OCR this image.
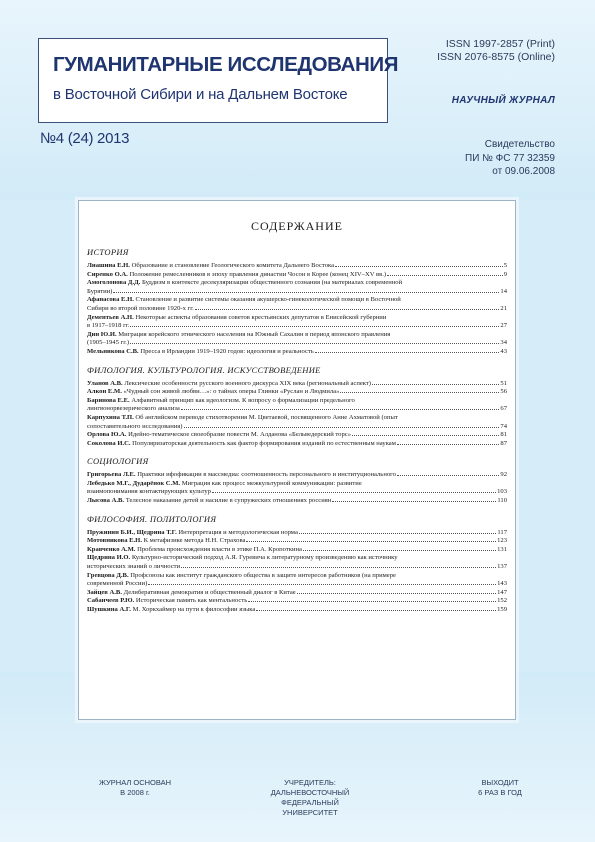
ГУМАНИТАРНЫЕ ИССЛЕДОВАНИЯ
в Восточной Сибири и на Дальнем Востоке
ISSN 1997-2857 (Print)
ISSN 2076-8575 (Online)
НАУЧНЫЙ ЖУРНАЛ
№4 (24) 2013	Свидетельство
ПИ № ФС 77 32359
от 09.06.2008
СОДЕРЖАНИЕ
ИСТОРИЯ
Лиашина Е.Н. Образование и становление Геологического комитета Дальнего Востока	5
Сиренко О.А. Положение ремесленников в эпоху правления династии Чосон в Корее (конец XIV–XV вв.)	9
Амоголонова Д.Д. Буддизм в контексте десекуляризации общественного сознания (на материалах современной
Бурятии)	14
Афанасова Е.Н. Становление и развитие системы оказания акушерско-гинекологической помощи в Восточной
Сибири во второй половине 1920-х гг.	21
Дементьев А.Н. Некоторые аспекты образования советов крестьянских депутатов в Енисейской губернии
в 1917–1918 гг.	27
Дин Ю.И. Миграция корейского этнического населения на Южный Сахалин в период японского правления
(1905–1945 гг.)	34
Мельникова С.В. Пресса в Ирландии 1919–1920 годов: идеология и реальность	43
ФИЛОЛОГИЯ. КУЛЬТУРОЛОГИЯ. ИСКУССТВОВЕДЕНИЕ
Уланов А.В. Лексические особенности русского военного дискурса XIX века (региональный аспект)	51
Алкон Е.М. «Чудный сон живой любви…»: о тайнах оперы Глинки «Руслан и Людмила»	56
Баринова Е.Е. Алфавитный принцип как идеологизм. К вопросу о формализации предельного
лингвонорвезерического анализа	67
Карпухина Т.П. Об английском переводе стихотворения М. Цветаевой, посвященного Анне Ахматовой (опыт
сопоставительного исследования)	74
Орлова Ю.А. Идейно-тематическое своеобразие повести М. Алданова «Бельведерский торс»	81
Соколова И.С. Популяризаторская деятельность как фактор формирования изданий по естественным наукам	87
СОЦИОЛОГИЯ
Григорьева Л.Е. Практики ифофикации в массмедиа: соотношенность персонального и институционального	92
Лебедько М.Г., Дударёнок С.М. Миграция как процесс межкультурной коммуникации: развитие
взаимопонимания контактирующих культур	103
Лысова А.В. Телесное наказание детей и насилие в супружеских отношениях россиян	110
ФИЛОСОФИЯ. ПОЛИТОЛОГИЯ
Пружинин Б.И., Щедрина Т.Г. Интерпретация и методологическая норма	117
Мотовникова Е.Н. К метафизике метода Н.Н. Страхова	123
Кравченко А.М. Проблема происхождения власти в этике П.А. Кропоткина	131
Щедрина И.О. Культурно-исторический подход А.Я. Гуревича к литературному произведению как источнику
исторических знаний о личности	137
Гревцова Д.В. Профсоюзы как институт гражданского общества в защите интересов работников (на примере
современной России)	143
Зайцев А.В. Делиберативная демократия и общественный диалог в Китае	147
Сабанчеев Р.Ю. Историческая память как ментальность	152
Шушкина А.Г. М. Хоркхаймер на пути к философии языка	159
ЖУРНАЛ ОСНОВАН
В 2008 г.
УЧРЕДИТЕЛЬ:
ДАЛЬНЕВОСТОЧНЫЙ ФЕДЕРАЛЬНЫЙ
УНИВЕРСИТЕТ
ВЫХОДИТ
6 РАЗ В ГОД
